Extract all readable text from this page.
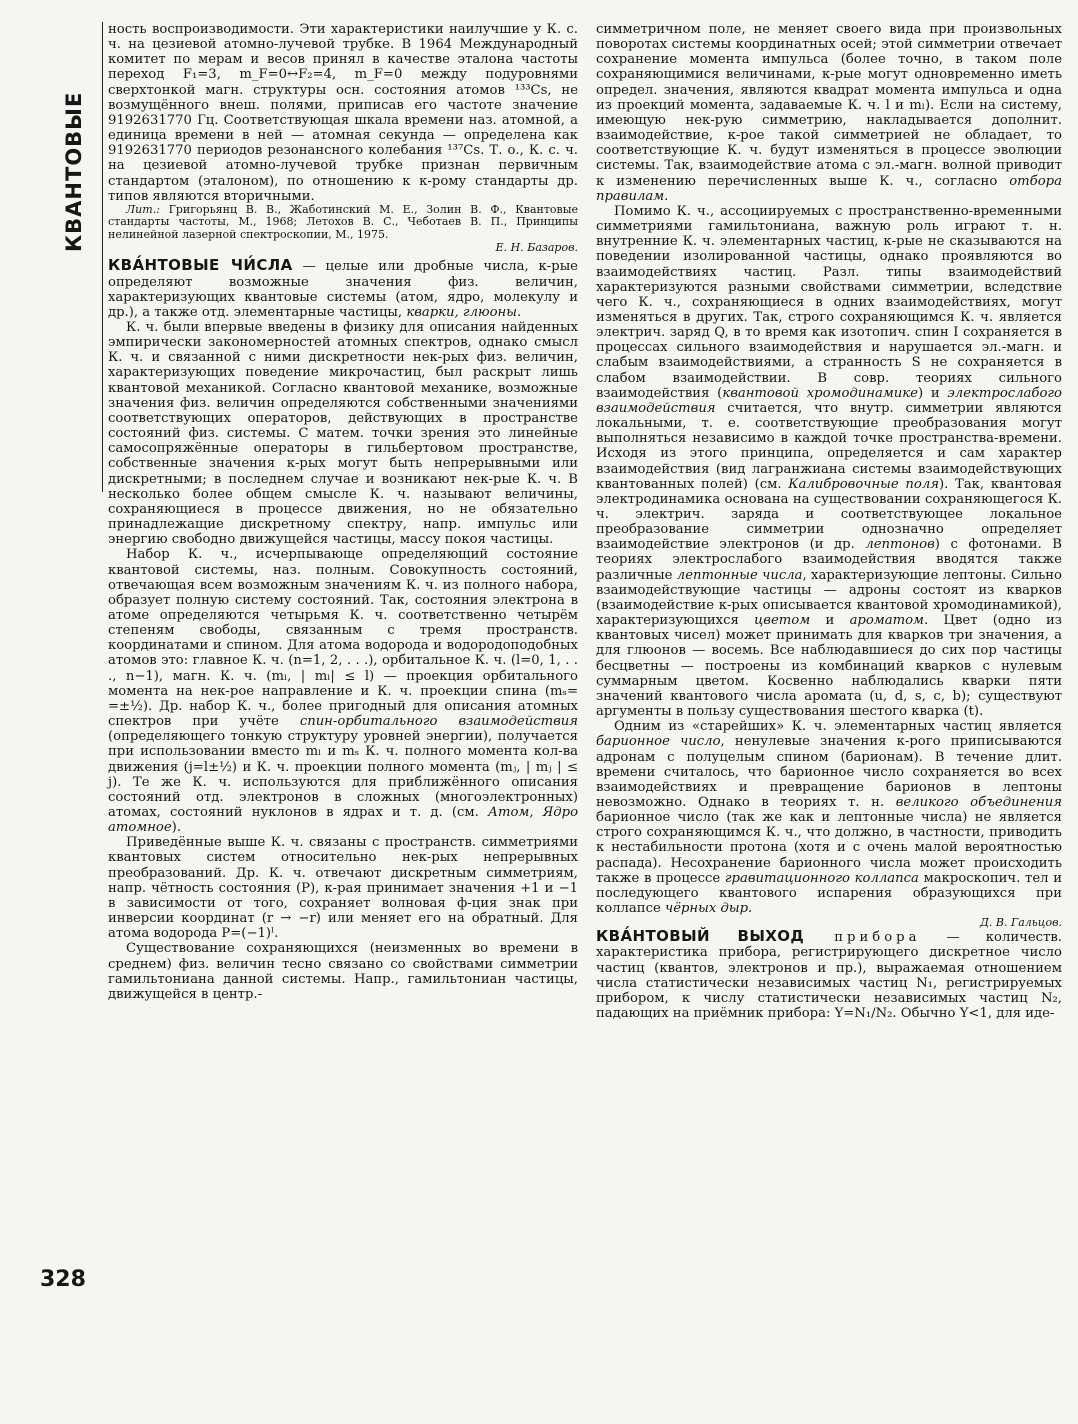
КВАНТОВЫЕ
328

ность воспроизводимости. Эти характеристики наилучшие у К. с. ч. на цезиевой атомно-лучевой трубке. В 1964 Международный комитет по мерам и весов принял в качестве эталона частоты переход F₁=3, m_F=0↔F₂=4, m_F=0 между подуровнями сверхтонкой магн. структуры осн. состояния атомов ¹³³Cs, не возмущённого внеш. полями, приписав его частоте значение 9192631770 Гц. Соответствующая шкала времени наз. атомной, а единица времени в ней — атомная секунда — определена как 9192631770 периодов резонансного колебания ¹³⁷Cs. Т. о., К. с. ч. на цезиевой атомно-лучевой трубке признан первичным стандартом (эталоном), по отношению к к-рому стандарты др. типов являются вторичными.

Лит.: Григорьянц В. В., Жаботинский М. Е., Золин В. Ф., Квантовые стандарты частоты, М., 1968; Летохов В. С., Чеботаев В. П., Принципы нелинейной лазерной спектроскопии, М., 1975.

Е. Н. Базаров.

КВА́НТОВЫЕ ЧИ́СЛА — целые или дробные числа, к-рые определяют возможные значения физ. величин, характеризующих квантовые системы (атом, ядро, молекулу и др.), а также отд. элементарные частицы, кварки, глюоны.

К. ч. были впервые введены в физику для описания найденных эмпирически закономерностей атомных спектров, однако смысл К. ч. и связанной с ними дискретности нек-рых физ. величин, характеризующих поведение микрочастиц, был раскрыт лишь квантовой механикой. Согласно квантовой механике, возможные значения физ. величин определяются собственными значениями соответствующих операторов, действующих в пространстве состояний физ. системы. С матем. точки зрения это линейные самосопряжённые операторы в гильбертовом пространстве, собственные значения к-рых могут быть непрерывными или дискретными; в последнем случае и возникают нек-рые К. ч. В несколько более общем смысле К. ч. называют величины, сохраняющиеся в процессе движения, но не обязательно принадлежащие дискретному спектру, напр. импульс или энергию свободно движущейся частицы, массу покоя частицы.

Набор К. ч., исчерпывающе определяющий состояние квантовой системы, наз. полным. Совокупность состояний, отвечающая всем возможным значениям К. ч. из полного набора, образует полную систему состояний. Так, состояния электрона в атоме определяются четырьмя К. ч. соответственно четырём степеням свободы, связанным с тремя пространств. координатами и спином. Для атома водорода и водородоподобных атомов это: главное К. ч. (n=1, 2, . . .), орбитальное К. ч. (l=0, 1, . . ., n−1), магн. К. ч. (mₗ, | mₗ| ≤ l) — проекция орбитального момента на нек-рое направление и К. ч. проекции спина (mₛ= =±½). Др. набор К. ч., более пригодный для описания атомных спектров при учёте спин-орбитального взаимодействия (определяющего тонкую структуру уровней энергии), получается при использовании вместо mₗ и mₛ К. ч. полного момента кол-ва движения (j=l±½) и К. ч. проекции полного момента (mⱼ, | mⱼ | ≤ j). Те же К. ч. используются для приближённого описания состояний отд. электронов в сложных (многоэлектронных) атомах, состояний нуклонов в ядрах и т. д. (см. Атом, Ядро атомное).

Приведённые выше К. ч. связаны с пространств. симметриями квантовых систем относительно нек-рых непрерывных преобразований. Др. К. ч. отвечают дискретным симметриям, напр. чётность состояния (P), к-рая принимает значения +1 и −1 в зависимости от того, сохраняет волновая ф-ция знак при инверсии координат (r → −r) или меняет его на обратный. Для атома водорода P=(−1)ˡ.

Существование сохраняющихся (неизменных во времени в среднем) физ. величин тесно связано со свойствами симметрии гамильтониана данной системы. Напр., гамильтониан частицы, движущейся в центр.-

симметричном поле, не меняет своего вида при произвольных поворотах системы координатных осей; этой симметрии отвечает сохранение момента импульса (более точно, в таком поле сохраняющимися величинами, к-рые могут одновременно иметь определ. значения, являются квадрат момента импульса и одна из проекций момента, задаваемые К. ч. l и mₗ). Если на систему, имеющую нек-рую симметрию, накладывается дополнит. взаимодействие, к-рое такой симметрией не обладает, то соответствующие К. ч. будут изменяться в процессе эволюции системы. Так, взаимодействие атома с эл.-магн. волной приводит к изменению перечисленных выше К. ч., согласно отбора правилам.

Помимо К. ч., ассоциируемых с пространственно-временными симметриями гамильтониана, важную роль играют т. н. внутренние К. ч. элементарных частиц, к-рые не сказываются на поведении изолированной частицы, однако проявляются во взаимодействиях частиц. Разл. типы взаимодействий характеризуются разными свойствами симметрии, вследствие чего К. ч., сохраняющиеся в одних взаимодействиях, могут изменяться в других. Так, строго сохраняющимся К. ч. является электрич. заряд Q, в то время как изотопич. спин I сохраняется в процессах сильного взаимодействия и нарушается эл.-магн. и слабым взаимодействиями, а странность S не сохраняется в слабом взаимодействии. В совр. теориях сильного взаимодействия (квантовой хромодинамике) и электрослабого взаимодействия считается, что внутр. симметрии являются локальными, т. е. соответствующие преобразования могут выполняться независимо в каждой точке пространства-времени. Исходя из этого принципа, определяется и сам характер взаимодействия (вид лагранжиана системы взаимодействующих квантованных полей) (см. Калибровочные поля). Так, квантовая электродинамика основана на существовании сохраняющегося К. ч. электрич. заряда и соответствующее локальное преобразование симметрии однозначно определяет взаимодействие электронов (и др. лептонов) с фотонами. В теориях электрослабого взаимодействия вводятся также различные лептонные числа, характеризующие лептоны. Сильно взаимодействующие частицы — адроны состоят из кварков (взаимодействие к-рых описывается квантовой хромодинамикой), характеризующихся цветом и ароматом. Цвет (одно из квантовых чисел) может принимать для кварков три значения, а для глюонов — восемь. Все наблюдавшиеся до сих пор частицы бесцветны — построены из комбинаций кварков с нулевым суммарным цветом. Косвенно наблюдались кварки пяти значений квантового числа аромата (u, d, s, c, b); существуют аргументы в пользу существования шестого кварка (t).

Одним из «старейших» К. ч. элементарных частиц является барионное число, ненулевые значения к-рого приписываются адронам с полуцелым спином (барионам). В течение длит. времени считалось, что барионное число сохраняется во всех взаимодействиях и превращение барионов в лептоны невозможно. Однако в теориях т. н. великого объединения барионное число (так же как и лептонные числа) не является строго сохраняющимся К. ч., что должно, в частности, приводить к нестабильности протона (хотя и с очень малой вероятностью распада). Несохранение барионного числа может происходить также в процессе гравитационного коллапса макроскопич. тел и последующего квантового испарения образующихся при коллапсе чёрных дыр.

Д. В. Гальцов.

КВА́НТОВЫЙ ВЫХОД прибора — количеств. характеристика прибора, регистрирующего дискретное число частиц (квантов, электронов и пр.), выражаемая отношением числа статистически независимых частиц N₁, регистрируемых прибором, к числу статистически независимых частиц N₂, падающих на приёмник прибора: Y=N₁/N₂. Обычно Y<1, для иде-
